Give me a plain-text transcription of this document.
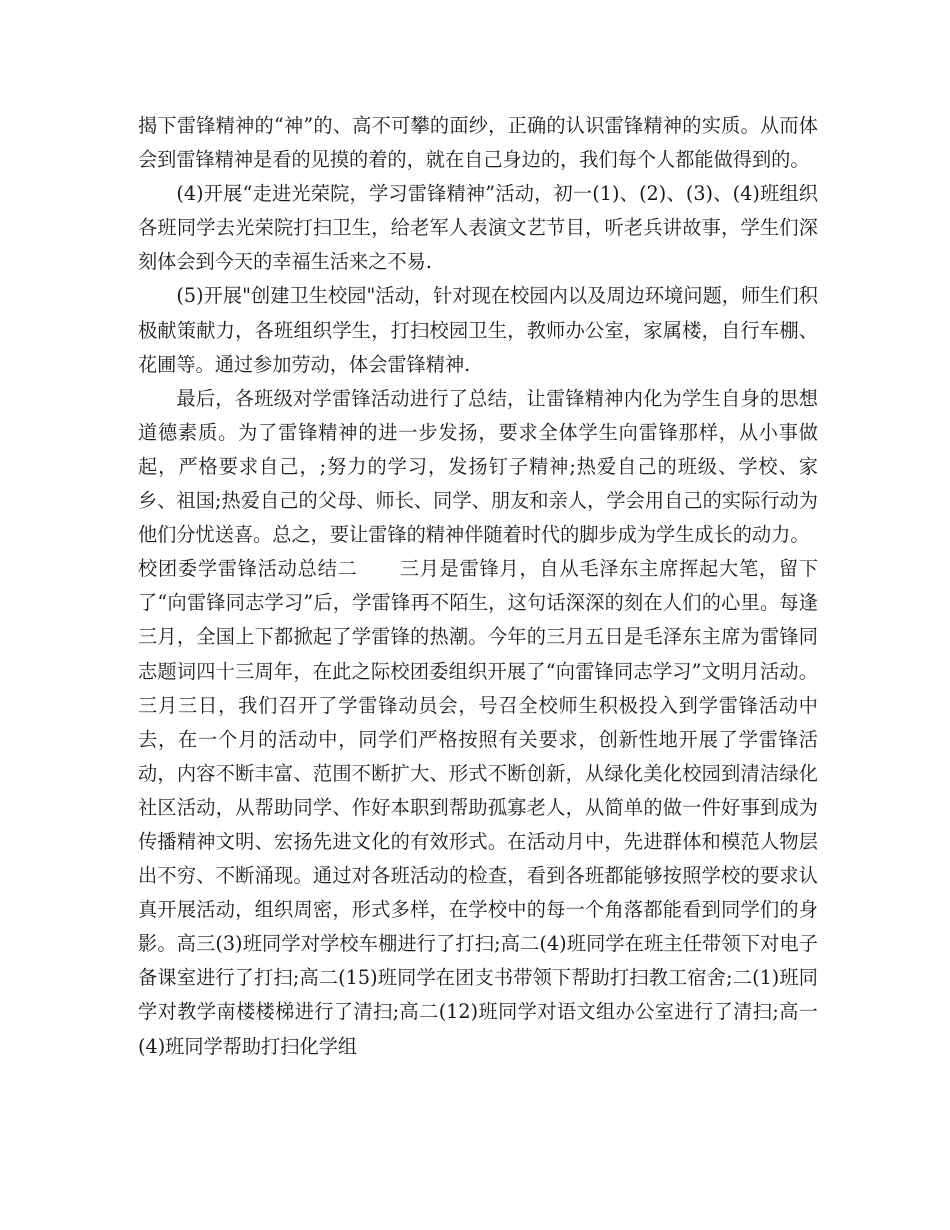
揭下雷锋精神的“神”的、高不可攀的面纱，正确的认识雷锋精神的实质。从而体会到雷锋精神是看的见摸的着的，就在自己身边的，我们每个人都能做得到的。

(4)开展“走进光荣院，学习雷锋精神”活动，初一(1)、(2)、(3)、(4)班组织各班同学去光荣院打扫卫生，给老军人表演文艺节目，听老兵讲故事，学生们深刻体会到今天的幸福生活来之不易.

(5)开展"创建卫生校园"活动，针对现在校园内以及周边环境问题，师生们积极献策献力，各班组织学生，打扫校园卫生，教师办公室，家属楼，自行车棚、花圃等。通过参加劳动，体会雷锋精神.

最后，各班级对学雷锋活动进行了总结，让雷锋精神内化为学生自身的思想道德素质。为了雷锋精神的进一步发扬，要求全体学生向雷锋那样，从小事做起，严格要求自己，;努力的学习，发扬钉子精神;热爱自己的班级、学校、家乡、祖国;热爱自己的父母、师长、同学、朋友和亲人，学会用自己的实际行动为他们分忧送喜。总之，要让雷锋的精神伴随着时代的脚步成为学生成长的动力。

校团委学雷锋活动总结二 三月是雷锋月，自从毛泽东主席挥起大笔，留下了“向雷锋同志学习”后，学雷锋再不陌生，这句话深深的刻在人们的心里。每逢三月，全国上下都掀起了学雷锋的热潮。今年的三月五日是毛泽东主席为雷锋同志题词四十三周年，在此之际校团委组织开展了“向雷锋同志学习”文明月活动。三月三日，我们召开了学雷锋动员会，号召全校师生积极投入到学雷锋活动中去，在一个月的活动中，同学们严格按照有关要求，创新性地开展了学雷锋活动，内容不断丰富、范围不断扩大、形式不断创新，从绿化美化校园到清洁绿化社区活动，从帮助同学、作好本职到帮助孤寡老人，从简单的做一件好事到成为传播精神文明、宏扬先进文化的有效形式。在活动月中，先进群体和模范人物层出不穷、不断涌现。通过对各班活动的检查，看到各班都能够按照学校的要求认真开展活动，组织周密，形式多样，在学校中的每一个角落都能看到同学们的身影。高三(3)班同学对学校车棚进行了打扫;高二(4)班同学在班主任带领下对电子备课室进行了打扫;高二(15)班同学在团支书带领下帮助打扫教工宿舍;二(1)班同学对教学南楼楼梯进行了清扫;高二(12)班同学对语文组办公室进行了清扫;高一(4)班同学帮助打扫化学组
